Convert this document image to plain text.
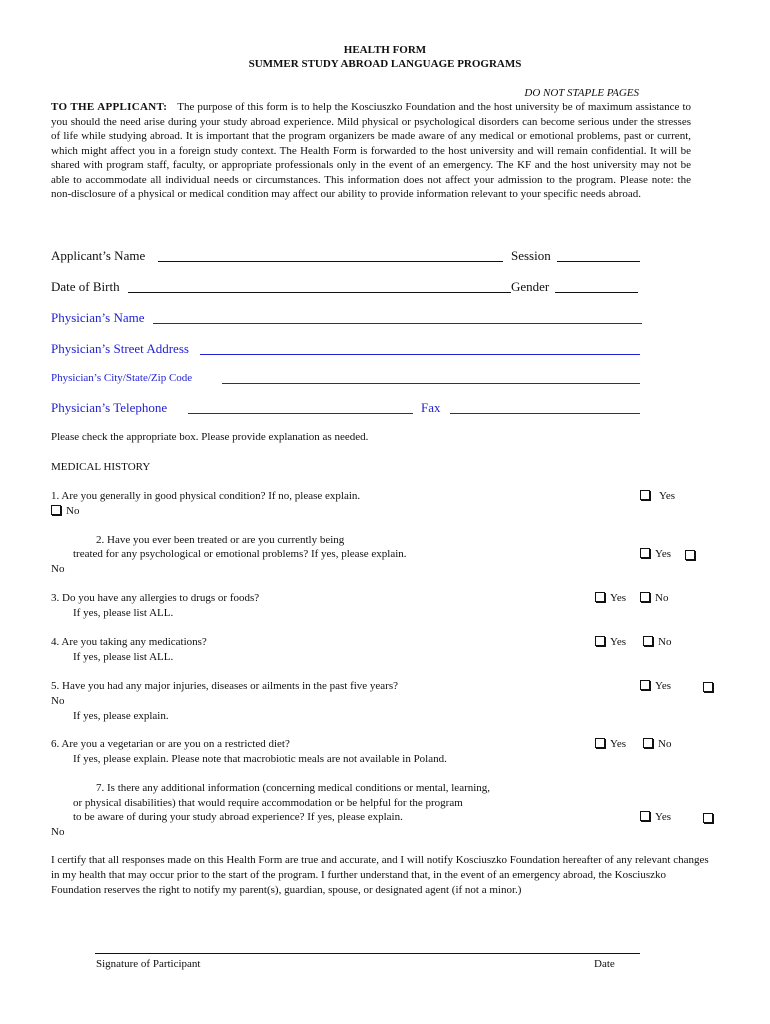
HEALTH FORM
SUMMER STUDY ABROAD LANGUAGE PROGRAMS
DO NOT STAPLE PAGES
TO THE APPLICANT: The purpose of this form is to help the Kosciuszko Foundation and the host university be of maximum assistance to you should the need arise during your study abroad experience. Mild physical or psychological disorders can become serious under the stresses of life while studying abroad. It is important that the program organizers be made aware of any medical or emotional problems, past or current, which might affect you in a foreign study context. The Health Form is forwarded to the host university and will remain confidential. It will be shared with program staff, faculty, or appropriate professionals only in the event of an emergency. The KF and the host university may not be able to accommodate all individual needs or circumstances. This information does not affect your admission to the program. Please note: the non-disclosure of a physical or medical condition may affect our ability to provide information relevant to your specific needs abroad.
Applicant’s Name	Session
Date of Birth	Gender
Physician’s Name
Physician’s Street Address
Physician’s City/State/Zip Code
Physician’s Telephone	Fax
Please check the appropriate box. Please provide explanation as needed.
MEDICAL HISTORY
1. Are you generally in good physical condition? If no, please explain.	Yes
No
2. Have you ever been treated or are you currently being
treated for any psychological or emotional problems? If yes, please explain.	Yes
No
3. Do you have any allergies to drugs or foods?
If yes, please list ALL.
Yes	No
4. Are you taking any medications?
If yes, please list ALL.
Yes	No
5. Have you had any major injuries, diseases or ailments in the past five years?	Yes
No
If yes, please explain.
6. Are you a vegetarian or are you on a restricted diet?
If yes, please explain. Please note that macrobiotic meals are not available in Poland.
Yes	No
7. Is there any additional information (concerning medical conditions or mental, learning,
or physical disabilities) that would require accommodation or be helpful for the program
to be aware of during your study abroad experience? If yes, please explain.	Yes
No
I certify that all responses made on this Health Form are true and accurate, and I will notify Kosciuszko Foundation hereafter of any relevant changes in my health that may occur prior to the start of the program. I further understand that, in the event of an emergency abroad, the Kosciuszko Foundation reserves the right to notify my parent(s), guardian, spouse, or designated agent (if not a minor.)
Signature of Participant	Date
